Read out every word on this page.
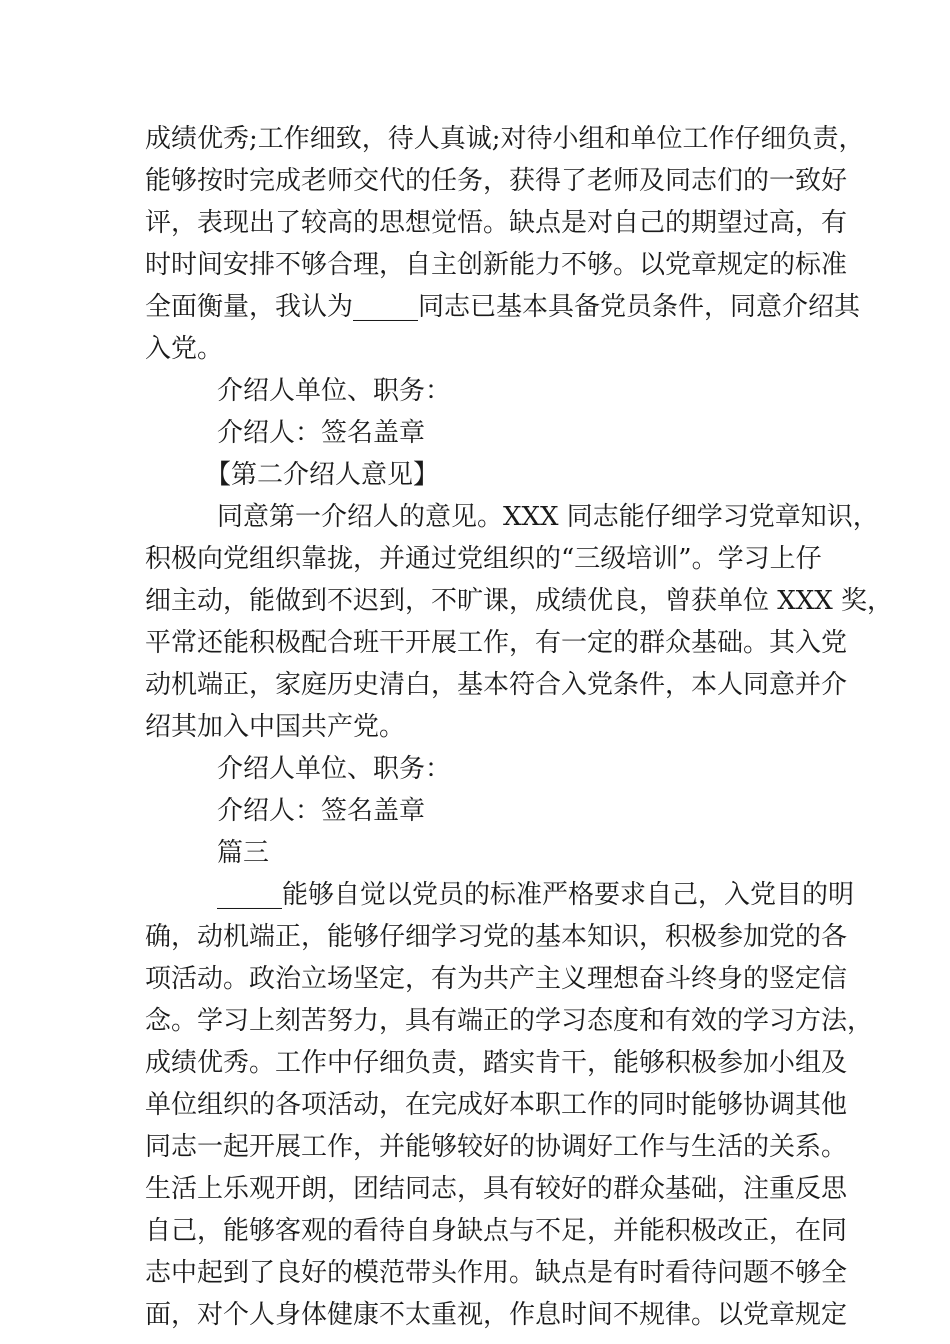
成绩优秀;工作细致，待人真诚;对待小组和单位工作仔细负责，
能够按时完成老师交代的任务，获得了老师及同志们的一致好
评，表现出了较高的思想觉悟。缺点是对自己的期望过高，有
时时间安排不够合理，自主创新能力不够。以党章规定的标准
全面衡量，我认为_____同志已基本具备党员条件，同意介绍其
入党。
介绍人单位、职务：
介绍人：签名盖章
【第二介绍人意见】
同意第一介绍人的意见。XXX 同志能仔细学习党章知识，
积极向党组织靠拢，并通过党组织的“三级培训”。学习上仔
细主动，能做到不迟到，不旷课，成绩优良，曾获单位 XXX 奖，
平常还能积极配合班干开展工作，有一定的群众基础。其入党
动机端正，家庭历史清白，基本符合入党条件，本人同意并介
绍其加入中国共产党。
介绍人单位、职务：
介绍人：签名盖章
篇三
_____能够自觉以党员的标准严格要求自己，入党目的明
确，动机端正，能够仔细学习党的基本知识，积极参加党的各
项活动。政治立场坚定，有为共产主义理想奋斗终身的竖定信
念。学习上刻苦努力，具有端正的学习态度和有效的学习方法，
成绩优秀。工作中仔细负责，踏实肯干，能够积极参加小组及
单位组织的各项活动，在完成好本职工作的同时能够协调其他
同志一起开展工作，并能够较好的协调好工作与生活的关系。
生活上乐观开朗，团结同志，具有较好的群众基础，注重反思
自己，能够客观的看待自身缺点与不足，并能积极改正，在同
志中起到了良好的模范带头作用。缺点是有时看待问题不够全
面，对个人身体健康不太重视，作息时间不规律。以党章规定
